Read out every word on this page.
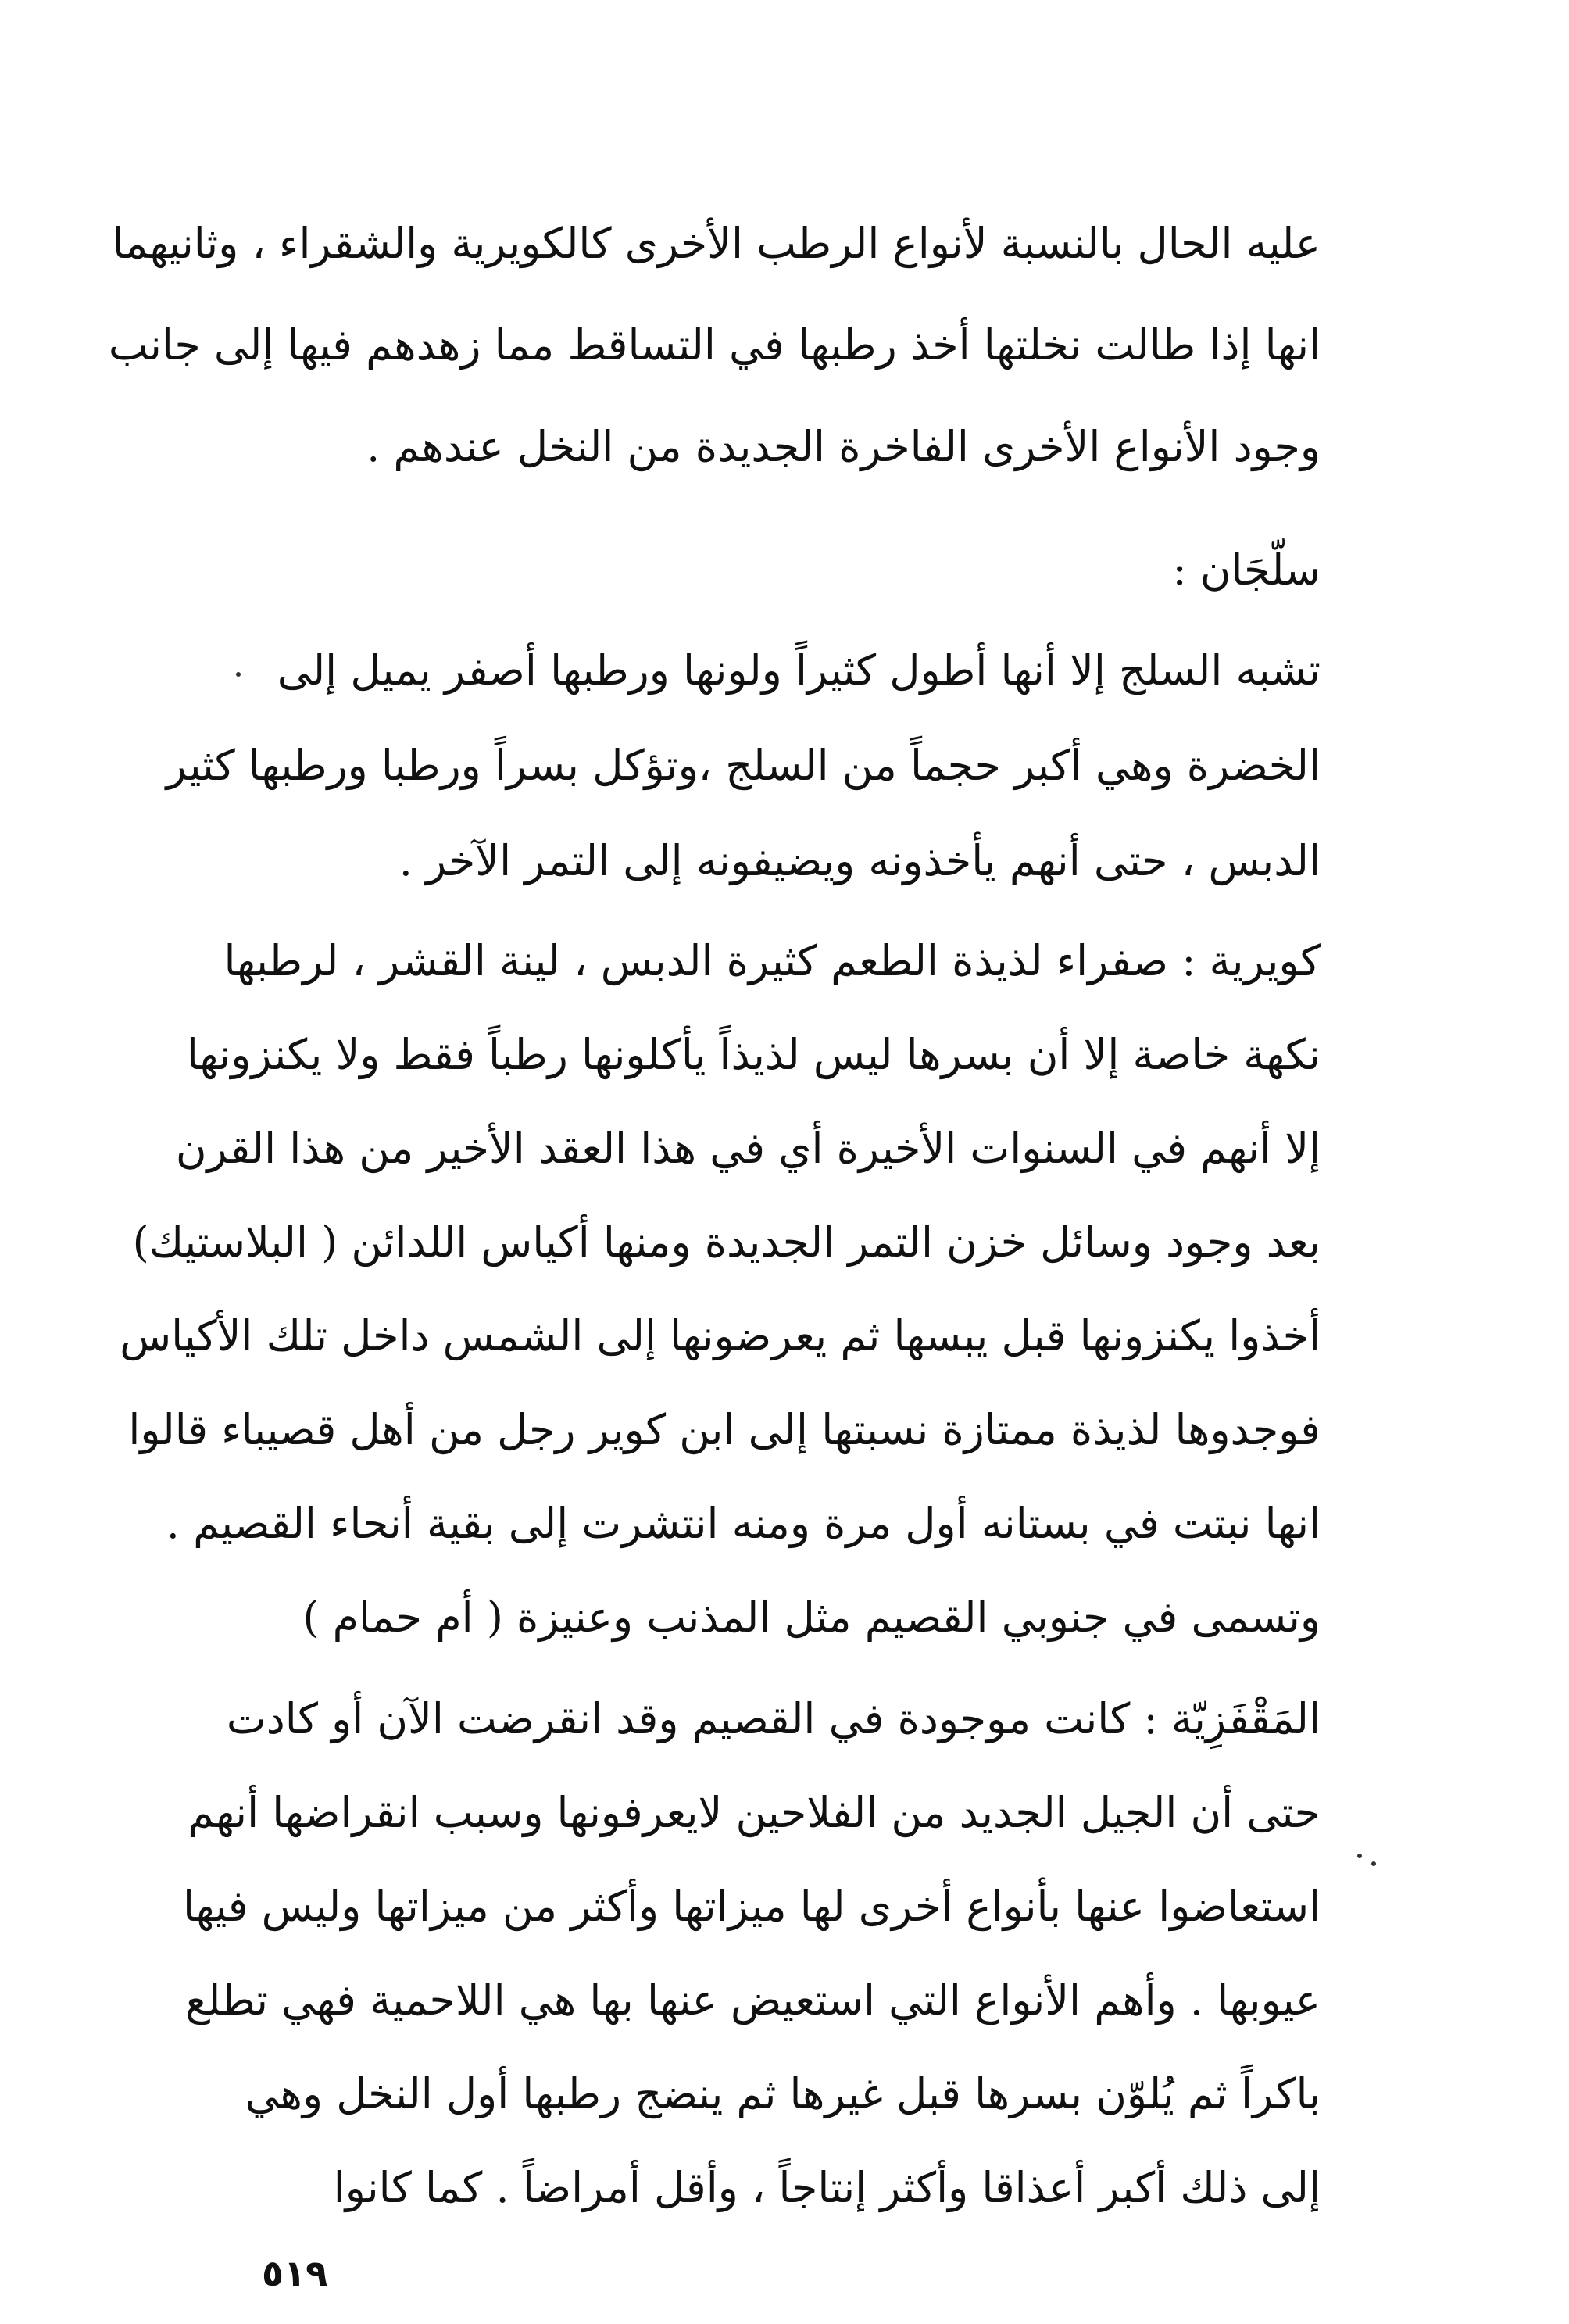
عليه الحال بالنسبة لأنواع الرطب الأخرى كالكويرية والشقراء ، وثانيهما
انها إذا طالت نخلتها أخذ رطبها في التساقط مما زهدهم فيها إلى جانب
وجود الأنواع الأخرى الفاخرة الجديدة من النخل عندهم .
سلّجَان :
تشبه السلج إلا أنها أطول كثيراً ولونها ورطبها أصفر يميل إلى
الخضرة وهي أكبر حجماً من السلج ،وتؤكل بسراً ورطبا ورطبها كثير
الدبس ، حتى أنهم يأخذونه ويضيفونه إلى التمر الآخر .
كويرية : صفراء لذيذة الطعم كثيرة الدبس ، لينة القشر ، لرطبها
نكهة خاصة إلا أن بسرها ليس لذيذاً يأكلونها رطباً فقط ولا يكنزونها
إلا أنهم في السنوات الأخيرة أي في هذا العقد الأخير من هذا القرن
بعد وجود وسائل خزن التمر الجديدة ومنها أكياس اللدائن ( البلاستيك)
أخذوا يكنزونها قبل يبسها ثم يعرضونها إلى الشمس داخل تلك الأكياس
فوجدوها لذيذة ممتازة نسبتها إلى ابن كوير رجل من أهل قصيباء قالوا
انها نبتت في بستانه أول مرة ومنه انتشرت إلى بقية أنحاء القصيم .
وتسمى في جنوبي القصيم مثل المذنب وعنيزة ( أم حمام )
المَقْفَزِيّة : كانت موجودة في القصيم وقد انقرضت الآن أو كادت
حتى أن الجيل الجديد من الفلاحين لايعرفونها وسبب انقراضها أنهم
استعاضوا عنها بأنواع أخرى لها ميزاتها وأكثر من ميزاتها وليس فيها
عيوبها . وأهم الأنواع التي استعيض عنها بها هي اللاحمية فهي تطلع
باكراً ثم يُلوّن بسرها قبل غيرها ثم ينضج رطبها أول النخل وهي
إلى ذلك أكبر أعذاقا وأكثر إنتاجاً ، وأقل أمراضاً . كما كانوا
٥١٩
